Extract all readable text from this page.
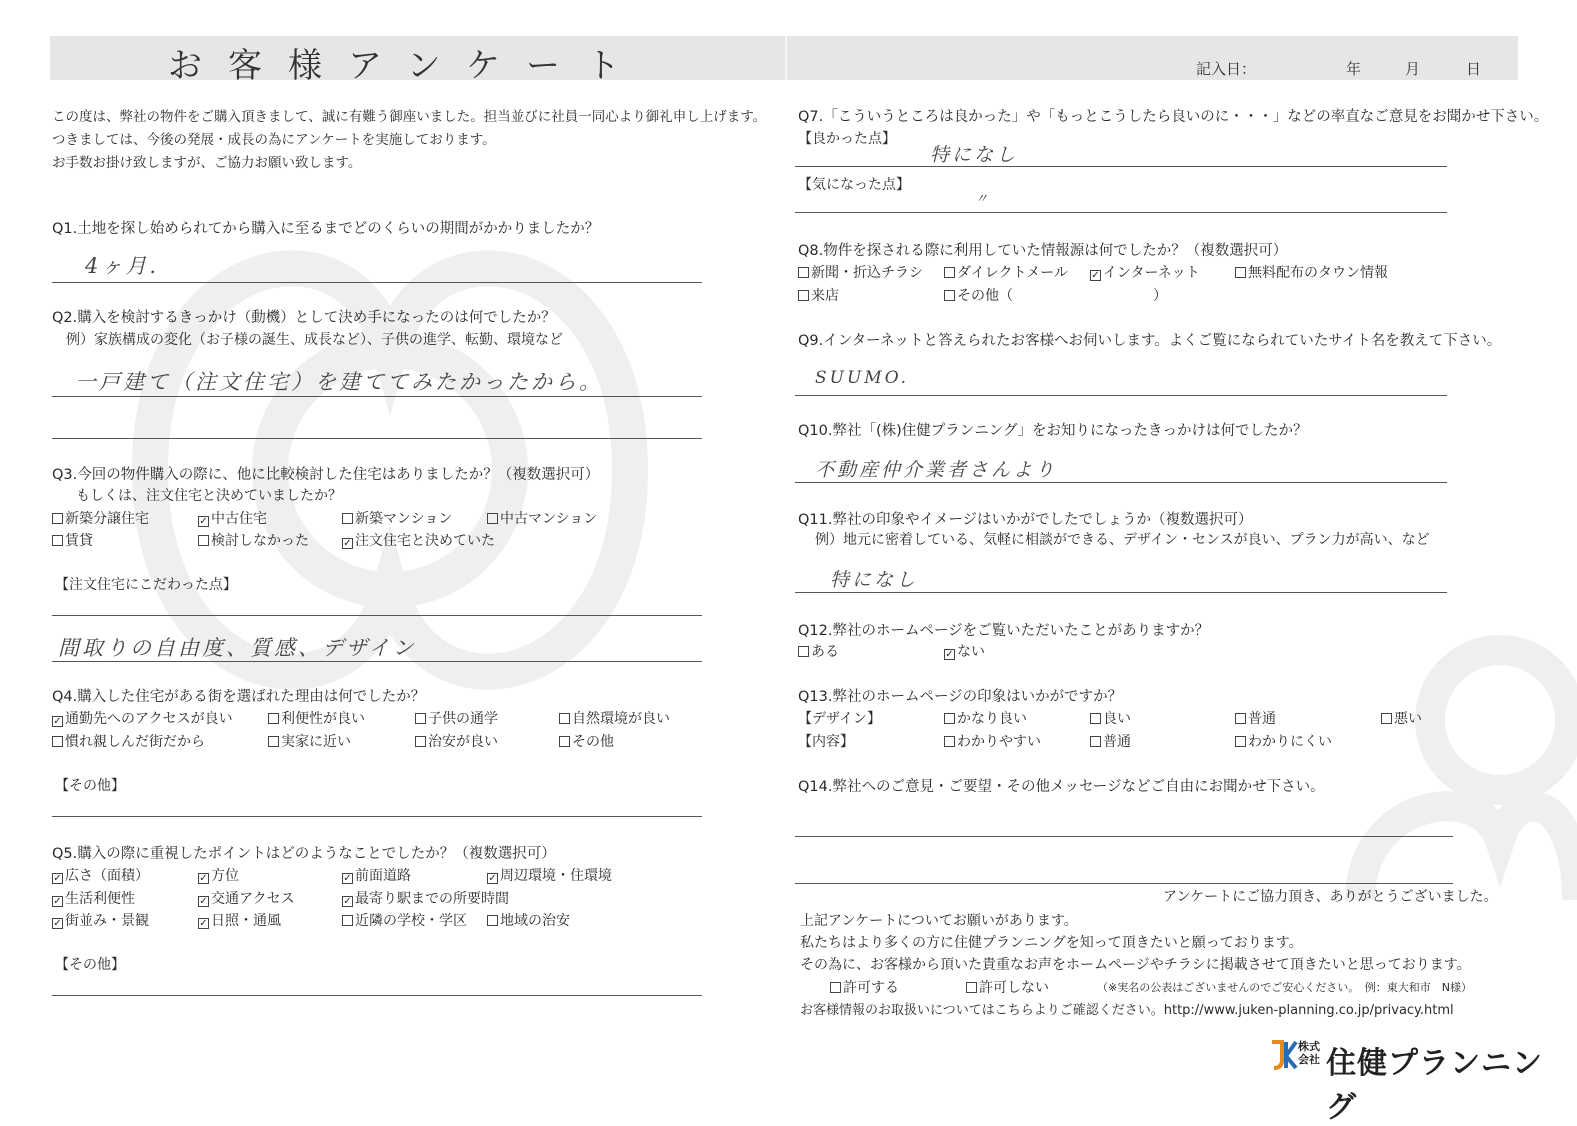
お客様アンケート	記入日：	年	月	日
この度は、弊社の物件をご購入頂きまして、誠に有難う御座いました。担当並びに社員一同心より御礼申し上げます。
つきましては、今後の発展・成長の為にアンケートを実施しております。
お手数お掛け致しますが、ご協力お願い致します。
Q1.土地を探し始められてから購入に至るまでどのくらいの期間がかかりましたか？
4ヶ月.
Q2.購入を検討するきっかけ（動機）として決め手になったのは何でしたか？
例）家族構成の変化（お子様の誕生、成長など）、子供の進学、転勤、環境など
一戸建て（注文住宅）を建ててみたかったから。
Q3.今回の物件購入の際に、他に比較検討した住宅はありましたか？（複数選択可）
もしくは、注文住宅と決めていましたか？
新築分譲住宅	✓ 中古住宅	新築マンション	中古マンション
賃貸	検討しなかった	✓ 注文住宅と決めていた
【注文住宅にこだわった点】
間取りの自由度、質感、デザイン
Q4.購入した住宅がある街を選ばれた理由は何でしたか？
✓ 通勤先へのアクセスが良い	利便性が良い	子供の通学	自然環境が良い
慣れ親しんだ街だから	実家に近い	治安が良い	その他
【その他】
Q5.購入の際に重視したポイントはどのようなことでしたか？（複数選択可）
✓ 広さ（面積）	✓ 方位	✓ 前面道路	✓ 周辺環境・住環境
✓ 生活利便性	✓ 交通アクセス	✓ 最寄り駅までの所要時間
✓ 街並み・景観	✓ 日照・通風	近隣の学校・学区	地域の治安
【その他】
Q7.「こういうところは良かった」や「もっとこうしたら良いのに・・・」などの率直なご意見をお聞かせ下さい。
【良かった点】
特になし
【気になった点】
〃
Q8.物件を探される際に利用していた情報源は何でしたか？（複数選択可）
新聞・折込チラシ	ダイレクトメール ✓ インターネット	無料配布のタウン情報
来店	その他（	）
Q9.インターネットと答えられたお客様へお伺いします。よくご覧になられていたサイト名を教えて下さい。
SUUMO.
Q10.弊社「(株)住健プランニング」をお知りになったきっかけは何でしたか？
不動産仲介業者さんより
Q11.弊社の印象やイメージはいかがでしたでしょうか（複数選択可）
例）地元に密着している、気軽に相談ができる、デザイン・センスが良い、プラン力が高い、など
特になし
Q12.弊社のホームページをご覧いただいたことがありますか？
ある	✓ ない
Q13.弊社のホームページの印象はいかがですか？
【デザイン】	かなり良い	良い	普通	悪い
【内容】	わかりやすい	普通	わかりにくい
Q14.弊社へのご意見・ご要望・その他メッセージなどご自由にお聞かせ下さい。
アンケートにご協力頂き、ありがとうございました。
上記アンケートについてお願いがあります。
私たちはより多くの方に住健プランニングを知って頂きたいと願っております。
その為に、お客様から頂いた貴重なお声をホームページやチラシに掲載させて頂きたいと思っております。
許可する	許可しない	（※実名の公表はございませんのでご安心ください。　例：東大和市　N様）
お客様情報のお取扱いについてはこちらよりご確認ください。http://www.juken-planning.co.jp/privacy.html
株式会社 住健プランニング
